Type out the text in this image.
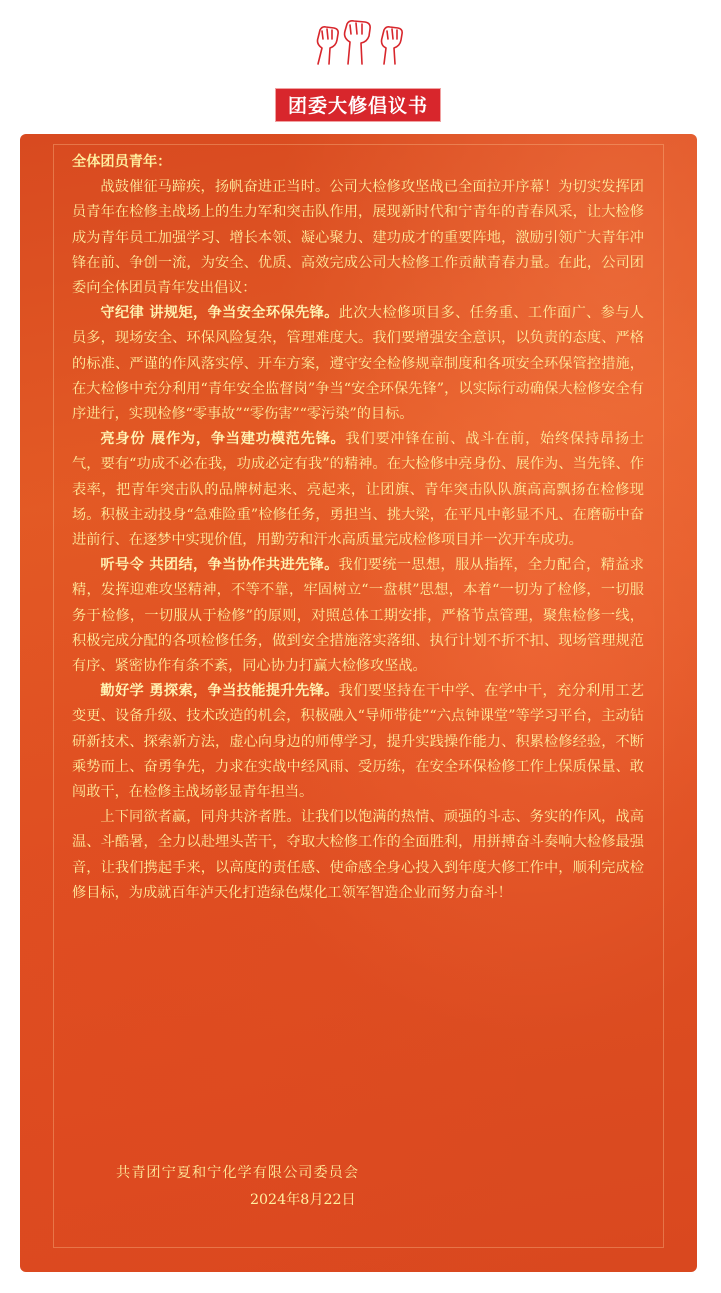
团委大修倡议书

全体团员青年：

战鼓催征马蹄疾，扬帆奋进正当时。公司大检修攻坚战已全面拉开序幕！为切实发挥团员青年在检修主战场上的生力军和突击队作用，展现新时代和宁青年的青春风采，让大检修成为青年员工加强学习、增长本领、凝心聚力、建功成才的重要阵地，激励引领广大青年冲锋在前、争创一流，为安全、优质、高效完成公司大检修工作贡献青春力量。在此，公司团委向全体团员青年发出倡议：

守纪律 讲规矩，争当安全环保先锋。此次大检修项目多、任务重、工作面广、参与人员多，现场安全、环保风险复杂，管理难度大。我们要增强安全意识，以负责的态度、严格的标准、严谨的作风落实停、开车方案，遵守安全检修规章制度和各项安全环保管控措施，在大检修中充分利用“青年安全监督岗”争当“安全环保先锋”，以实际行动确保大检修安全有序进行，实现检修“零事故”“零伤害”“零污染”的目标。

亮身份 展作为，争当建功模范先锋。我们要冲锋在前、战斗在前，始终保持昂扬士气，要有“功成不必在我，功成必定有我”的精神。在大检修中亮身份、展作为、当先锋、作表率，把青年突击队的品牌树起来、亮起来，让团旗、青年突击队队旗高高飘扬在检修现场。积极主动投身“急难险重”检修任务，勇担当、挑大梁，在平凡中彰显不凡、在磨砺中奋进前行、在逐梦中实现价值，用勤劳和汗水高质量完成检修项目并一次开车成功。

听号令 共团结，争当协作共进先锋。我们要统一思想，服从指挥，全力配合，精益求精，发挥迎难攻坚精神，不等不靠，牢固树立“一盘棋”思想，本着“一切为了检修，一切服务于检修，一切服从于检修”的原则，对照总体工期安排，严格节点管理，聚焦检修一线，积极完成分配的各项检修任务，做到安全措施落实落细、执行计划不折不扣、现场管理规范有序、紧密协作有条不紊，同心协力打赢大检修攻坚战。

勤好学 勇探索，争当技能提升先锋。我们要坚持在干中学、在学中干，充分利用工艺变更、设备升级、技术改造的机会，积极融入“导师带徒”“六点钟课堂”等学习平台，主动钻研新技术、探索新方法，虚心向身边的师傅学习，提升实践操作能力、积累检修经验，不断乘势而上、奋勇争先，力求在实战中经风雨、受历练，在安全环保检修工作上保质保量、敢闯敢干，在检修主战场彰显青年担当。

上下同欲者赢，同舟共济者胜。让我们以饱满的热情、顽强的斗志、务实的作风，战高温、斗酷暑，全力以赴埋头苦干，夺取大检修工作的全面胜利，用拼搏奋斗奏响大检修最强音，让我们携起手来，以高度的责任感、使命感全身心投入到年度大修工作中，顺利完成检修目标，为成就百年泸天化打造绿色煤化工领军智造企业而努力奋斗！

共青团宁夏和宁化学有限公司委员会
2024年8月22日
